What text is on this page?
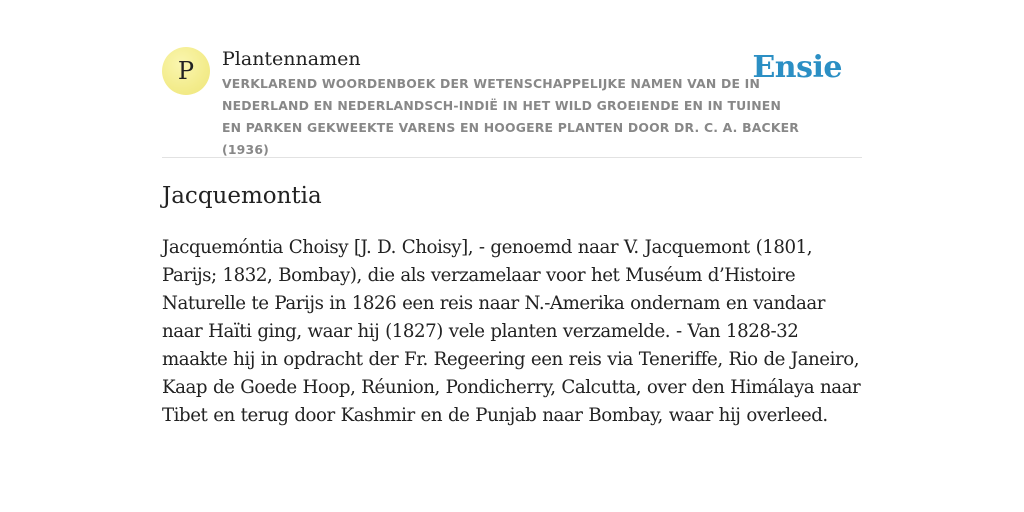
P Plantennamen
VERKLAREND WOORDENBOEK DER WETENSCHAPPELIJKE NAMEN VAN DE IN NEDERLAND EN NEDERLANDSCH-INDIË IN HET WILD GROEIENDE EN IN TUINEN EN PARKEN GEKWEEKTE VARENS EN HOOGERE PLANTEN DOOR DR. C. A. BACKER (1936)
Ensie
Jacquemontia

Jacquemóntia Choisy [J. D. Choisy], - genoemd naar V. Jacquemont (1801, Parijs; 1832, Bombay), die als verzamelaar voor het Muséum d’Histoire Naturelle te Parijs in 1826 een reis naar N.-Amerika ondernam en vandaar naar Haïti ging, waar hij (1827) vele planten verzamelde. - Van 1828-32 maakte hij in opdracht der Fr. Regeering een reis via Teneriffe, Rio de Janeiro, Kaap de Goede Hoop, Réunion, Pondicherry, Calcutta, over den Himálaya naar Tibet en terug door Kashmir en de Punjab naar Bombay, waar hij overleed.
